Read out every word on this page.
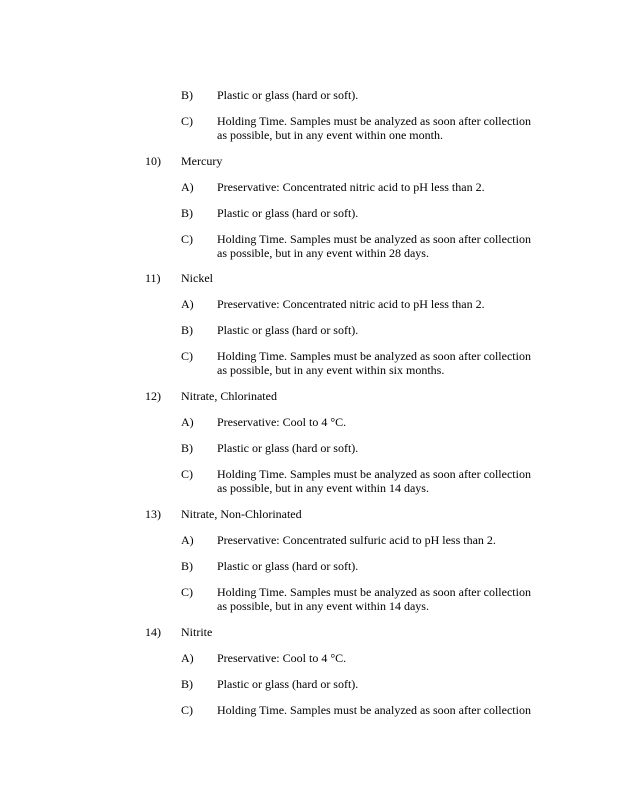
B) Plastic or glass (hard or soft).
C) Holding Time. Samples must be analyzed as soon after collection
as possible, but in any event within one month.
10) Mercury
A) Preservative: Concentrated nitric acid to pH less than 2.
B) Plastic or glass (hard or soft).
C) Holding Time. Samples must be analyzed as soon after collection
as possible, but in any event within 28 days.
11) Nickel
A) Preservative: Concentrated nitric acid to pH less than 2.
B) Plastic or glass (hard or soft).
C) Holding Time. Samples must be analyzed as soon after collection
as possible, but in any event within six months.
12) Nitrate, Chlorinated
A) Preservative: Cool to 4 °C.
B) Plastic or glass (hard or soft).
C) Holding Time. Samples must be analyzed as soon after collection
as possible, but in any event within 14 days.
13) Nitrate, Non-Chlorinated
A) Preservative: Concentrated sulfuric acid to pH less than 2.
B) Plastic or glass (hard or soft).
C) Holding Time. Samples must be analyzed as soon after collection
as possible, but in any event within 14 days.
14) Nitrite
A) Preservative: Cool to 4 °C.
B) Plastic or glass (hard or soft).
C) Holding Time. Samples must be analyzed as soon after collection
